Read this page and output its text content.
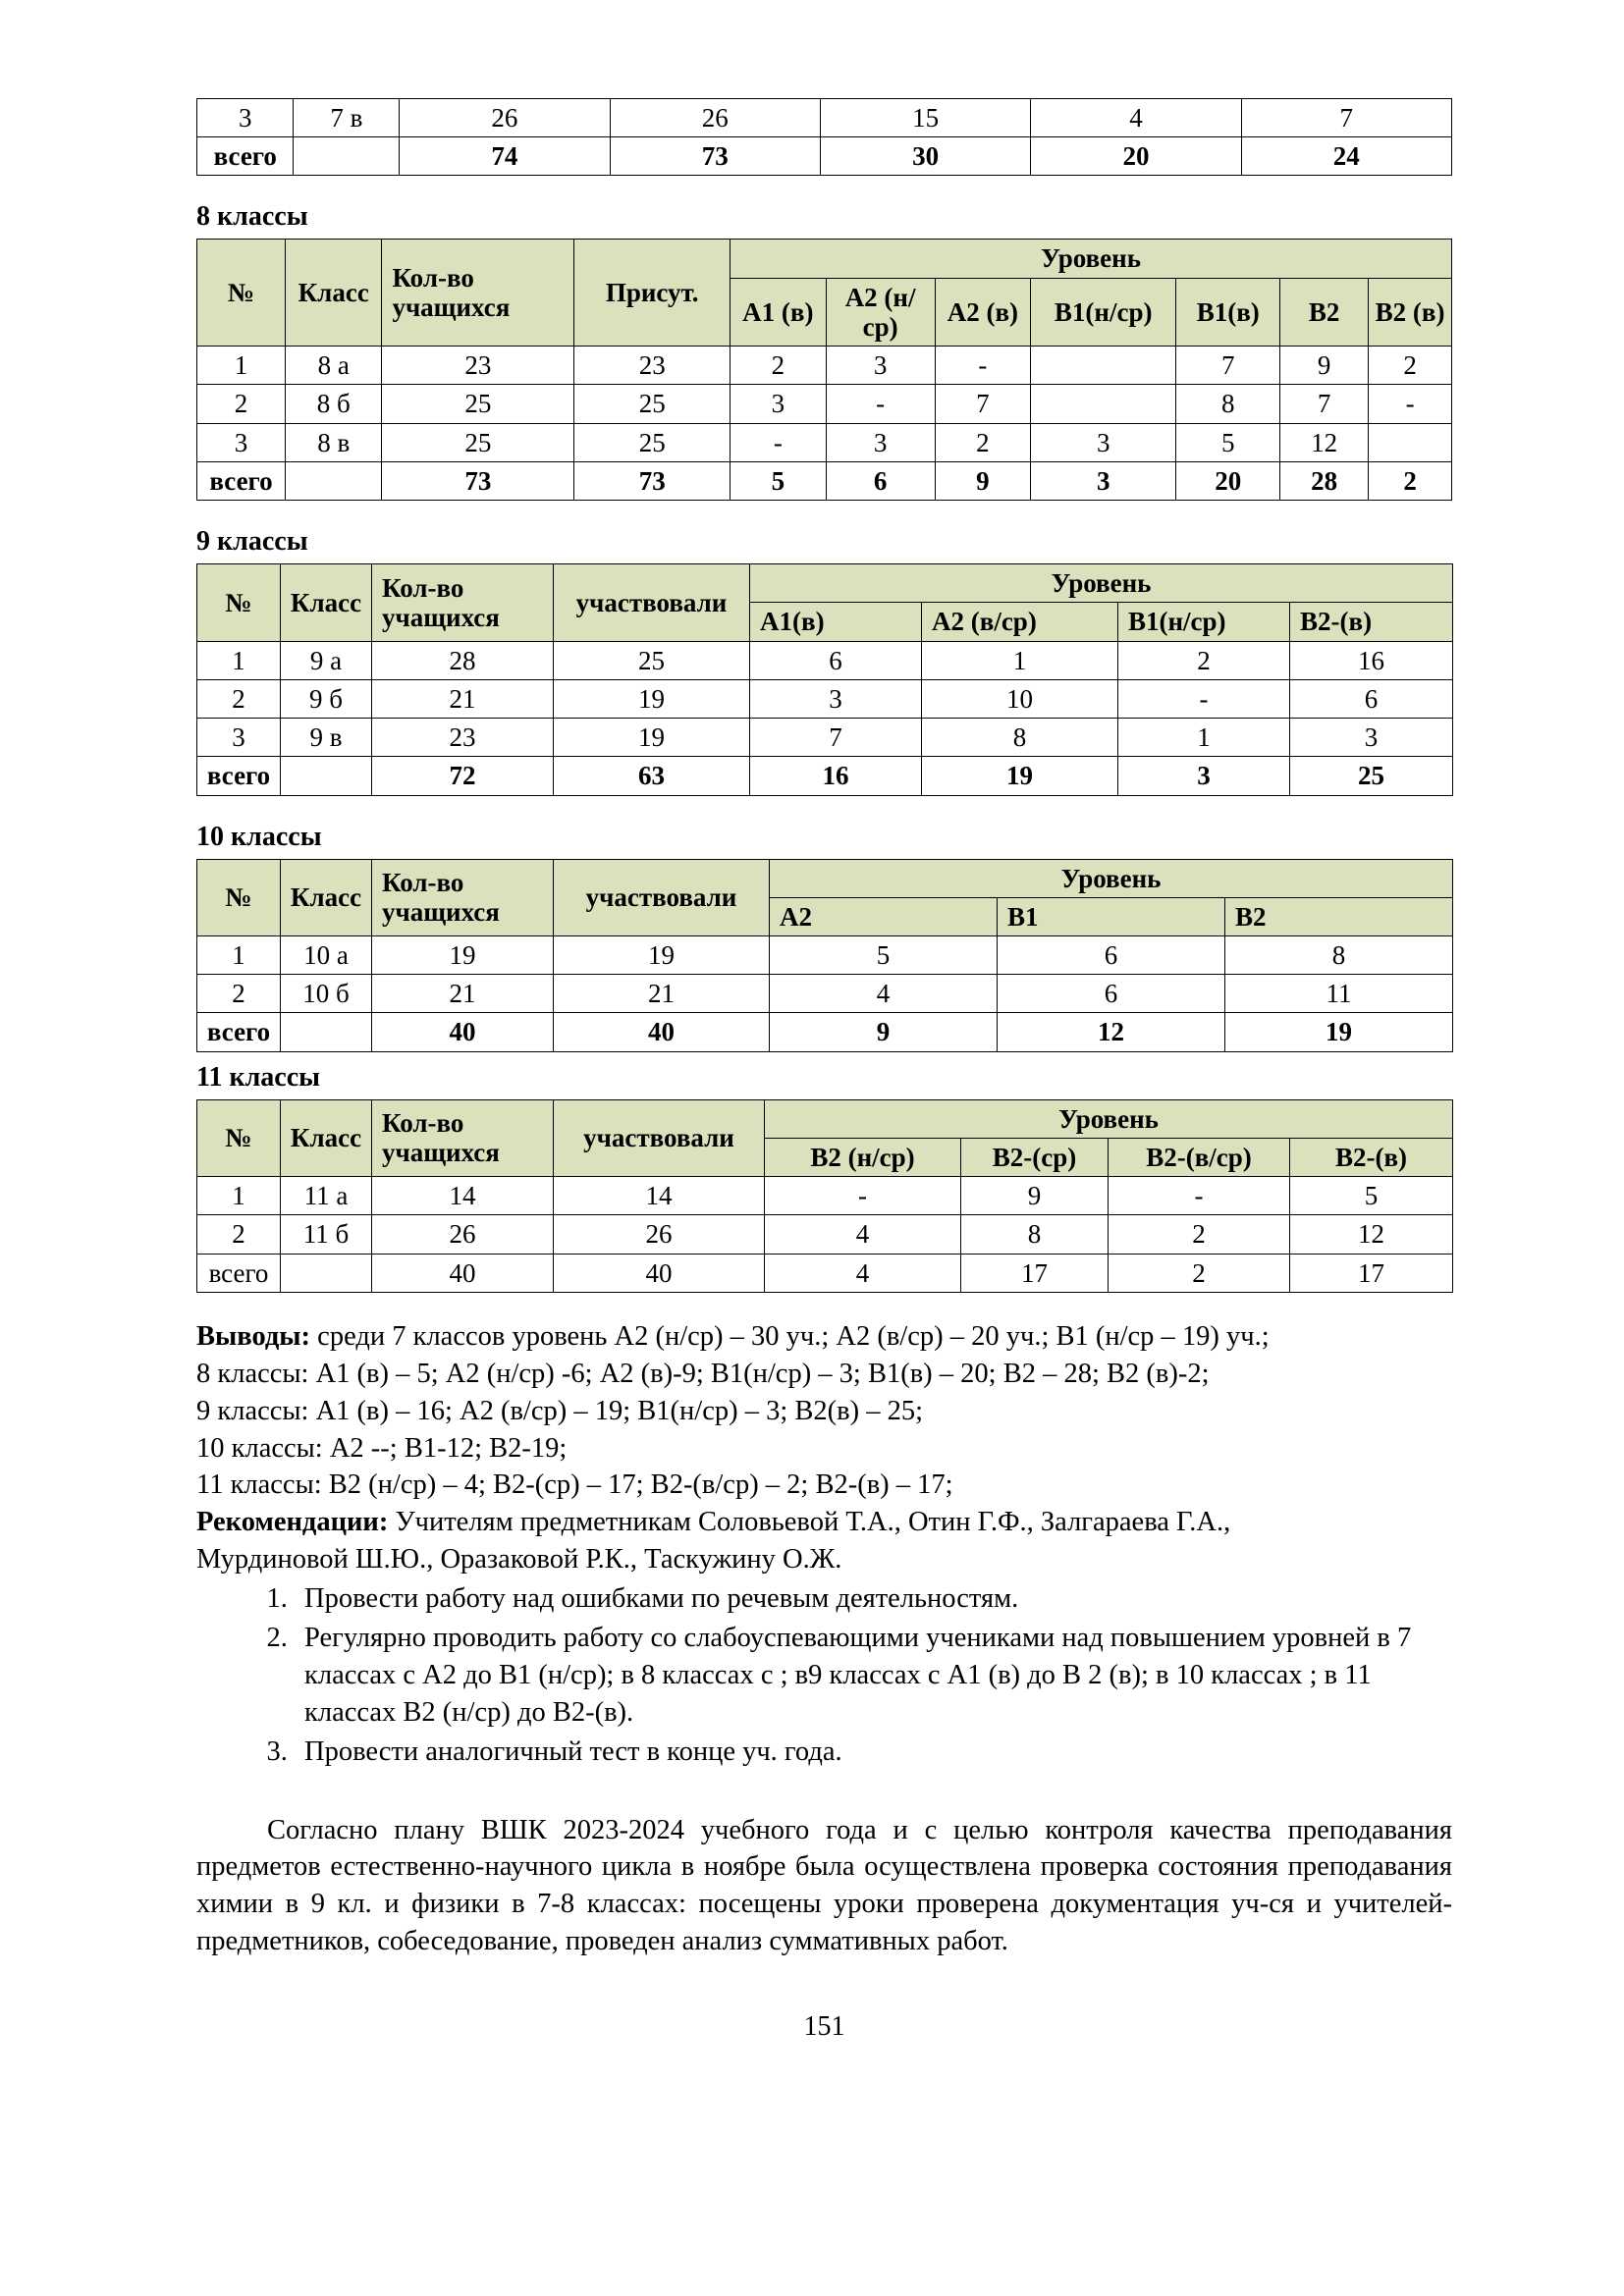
3	7 в	26	26	15	4	7
всего		74	73	30	20	24
8 классы
№	Класс	Кол-во учащихся	Присут.	Уровень						
				А1 (в)	А2 (н/ср)	А2 (в)	В1(н/ср)	В1(в)	В2	В2 (в)
1	8 а	23	23	2	3	-		7	9	2
2	8 б	25	25	3	-	7		8	7	-
3	8 в	25	25	-	3	2	3	5	12	
всего		73	73	5	6	9	3	20	28	2
9 классы
№	Класс	Кол-во учащихся	участвовали	Уровень			
				А1(в)	А2 (в/ср)	В1(н/ср)	В2-(в)
1	9 а	28	25	6	1	2	16
2	9 б	21	19	3	10	-	6
3	9 в	23	19	7	8	1	3
всего		72	63	16	19	3	25
10 классы
№	Класс	Кол-во учащихся	участвовали	Уровень		
				А2	В1	В2
1	10 а	19	19	5	6	8
2	10 б	21	21	4	6	11
всего		40	40	9	12	19
11 классы
№	Класс	Кол-во учащихся	участвовали	Уровень			
				В2 (н/ср)	В2-(ср)	В2-(в/ср)	В2-(в)
1	11 а	14	14	-	9	-	5
2	11 б	26	26	4	8	2	12
всего		40	40	4	17	2	17
Выводы: среди 7 классов уровень А2 (н/ср) – 30 уч.; А2 (в/ср) – 20 уч.; В1 (н/ср – 19) уч.;
8 классы: А1 (в) – 5; А2 (н/ср) -6; А2 (в)-9; В1(н/ср) – 3; В1(в) – 20; В2 – 28; В2 (в)-2;
9 классы: А1 (в) – 16; А2 (в/ср) – 19; В1(н/ср) – 3; В2(в) – 25;
10 классы: А2 --; В1-12; В2-19;
11 классы: В2 (н/ср) – 4; В2-(ср) – 17; В2-(в/ср) – 2; В2-(в) – 17;
Рекомендации: Учителям предметникам Соловьевой Т.А., Отин Г.Ф., Залгараева Г.А.,
Мурдиновой Ш.Ю., Оразаковой Р.К., Таскужину О.Ж.
1. Провести работу над ошибками по речевым деятельностям.
2. Регулярно проводить работу со слабоуспевающими учениками над повышением уровней в 7 классах с А2 до В1 (н/ср); в 8 классах с ; в9 классах с А1 (в) до В 2 (в); в 10 классах ; в 11 классах В2 (н/ср) до В2-(в).
3. Провести аналогичный тест в конце уч. года.
Согласно плану ВШК 2023-2024 учебного года и с целью контроля качества преподавания предметов естественно-научного цикла в ноябре была осуществлена проверка состояния преподавания химии в 9 кл. и физики в 7-8 классах: посещены уроки проверена документация уч-ся и учителей-предметников, собеседование, проведен анализ суммативных работ.
151
